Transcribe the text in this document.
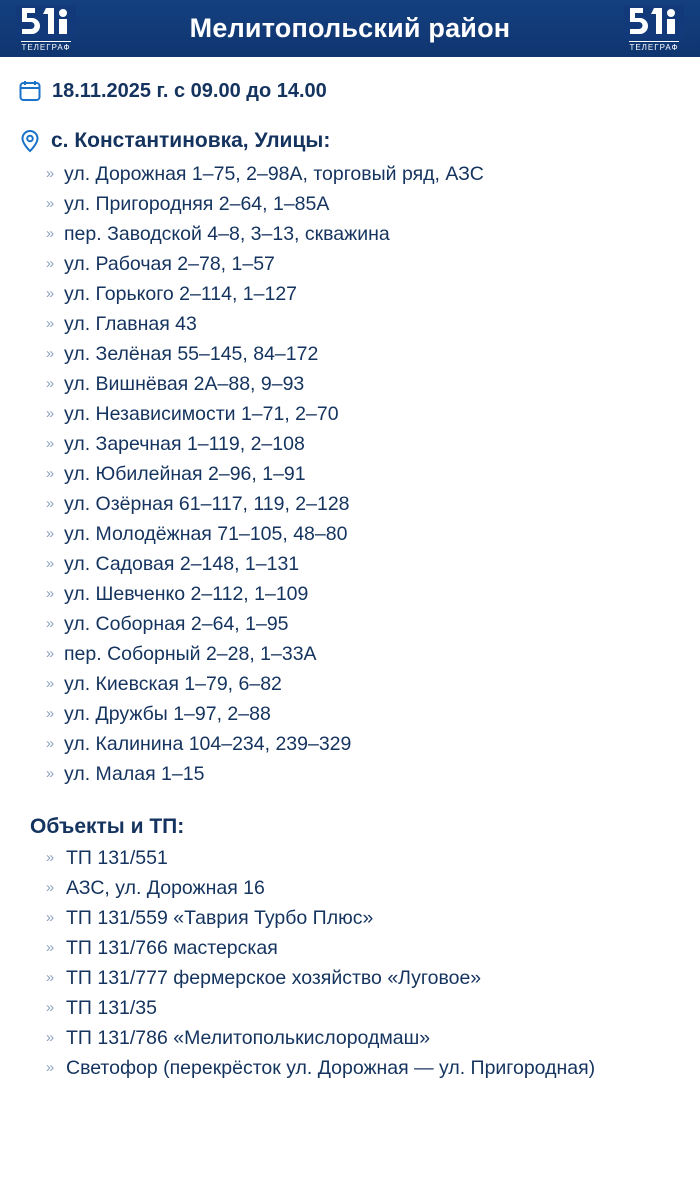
ТЕЛЕГРАФ
Мелитопольский район
ТЕЛЕГРАФ
18.11.2025 г. с 09.00 до 14.00
с. Константиновка, Улицы:
» ул. Дорожная 1–75, 2–98А, торговый ряд, АЗС
» ул. Пригородняя 2–64, 1–85А
» пер. Заводской 4–8, 3–13, скважина
» ул. Рабочая 2–78, 1–57
» ул. Горького 2–114, 1–127
» ул. Главная 43
» ул. Зелёная 55–145, 84–172
» ул. Вишнёвая 2А–88, 9–93
» ул. Независимости 1–71, 2–70
» ул. Заречная 1–119, 2–108
» ул. Юбилейная 2–96, 1–91
» ул. Озёрная 61–117, 119, 2–128
» ул. Молодёжная 71–105, 48–80
» ул. Садовая 2–148, 1–131
» ул. Шевченко 2–112, 1–109
» ул. Соборная 2–64, 1–95
» пер. Соборный 2–28, 1–33А
» ул. Киевская 1–79, 6–82
» ул. Дружбы 1–97, 2–88
» ул. Калинина 104–234, 239–329
» ул. Малая 1–15
Объекты и ТП:
» ТП 131/551
» АЗС, ул. Дорожная 16
» ТП 131/559 «Таврия Турбо Плюс»
» ТП 131/766 мастерская
» ТП 131/777 фермерское хозяйство «Луговое»
» ТП 131/35
» ТП 131/786 «Мелитополькислородмаш»
» Светофор (перекрёсток ул. Дорожная — ул. Пригородная)
